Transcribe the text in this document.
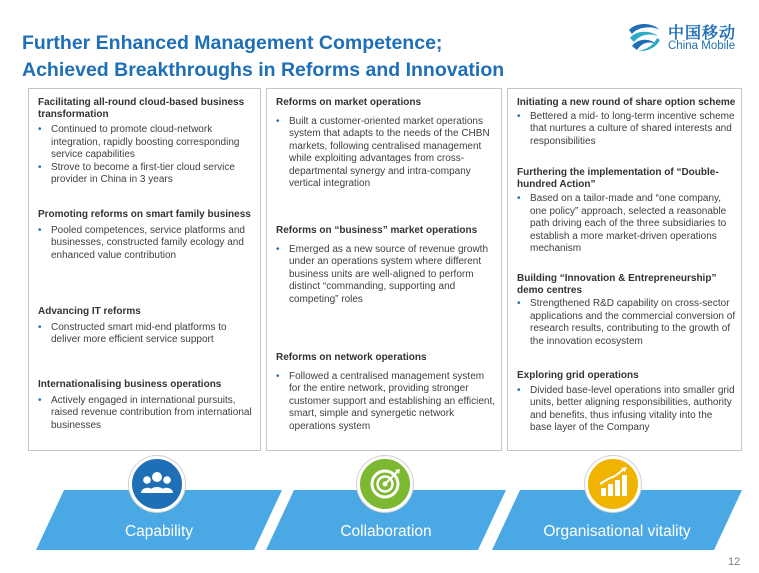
Further Enhanced Management Competence;
Achieved Breakthroughs in Reforms and Innovation
中国移动
China Mobile
Facilitating all-round cloud-based business transformation
• Continued to promote cloud-network integration, rapidly boosting corresponding service capabilities
• Strove to become a first-tier cloud service provider in China in 3 years
Promoting reforms on smart family business
• Pooled competences, service platforms and businesses, constructed family ecology and enhanced value contribution
Advancing IT reforms
• Constructed smart mid-end platforms to deliver more efficient service support
Internationalising business operations
• Actively engaged in international pursuits, raised revenue contribution from international businesses
Reforms on market operations
• Built a customer-oriented market operations system that adapts to the needs of the CHBN markets, following centralised management while exploiting advantages from cross-departmental synergy and intra-company vertical integration
Reforms on “business” market operations
• Emerged as a new source of revenue growth under an operations system where different business units are well-aligned to perform distinct “commanding, supporting and competing” roles
Reforms on network operations
• Followed a centralised management system for the entire network, providing stronger customer support and establishing an efficient, smart, simple and synergetic network operations system
Initiating a new round of share option scheme
• Bettered a mid- to long-term incentive scheme that nurtures a culture of shared interests and responsibilities
Furthering the implementation of “Double-hundred Action”
• Based on a tailor-made and “one company, one policy” approach, selected a reasonable path driving each of the three subsidiaries to establish a more market-driven operations mechanism
Building “Innovation & Entrepreneurship” demo centres
• Strengthened R&D capability on cross-sector applications and the commercial conversion of research results, contributing to the growth of the innovation ecosystem
Exploring grid operations
• Divided base-level operations into smaller grid units, better aligning responsibilities, authority and benefits, thus infusing vitality into the base layer of the Company
Capability	Collaboration	Organisational vitality
12
